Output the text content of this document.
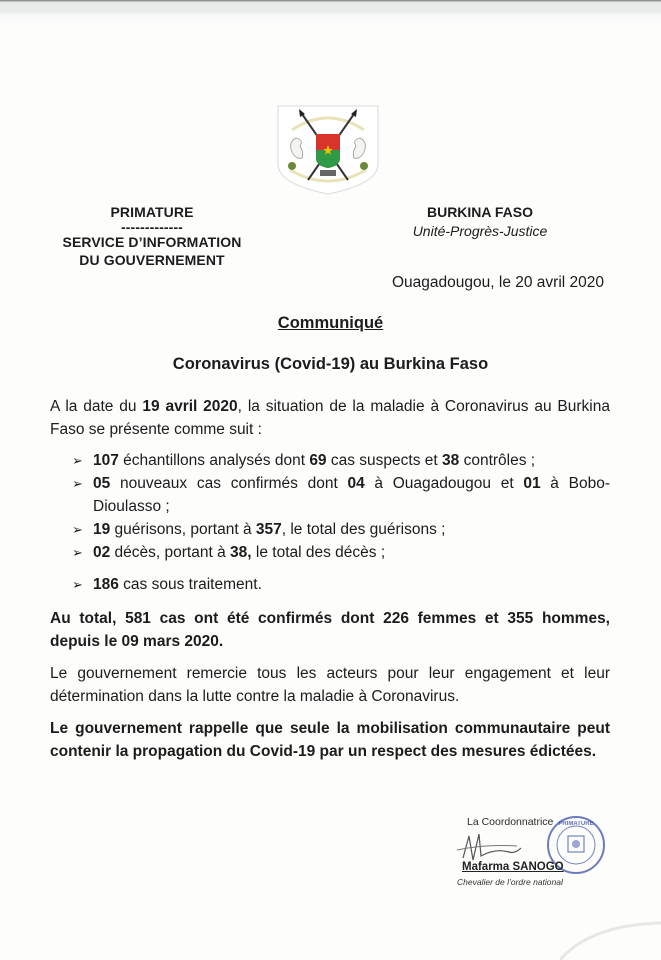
PRIMATURE

-------------
SERVICE D’INFORMATION
DU GOUVERNEMENT
BURKINA FASO
Unité-Progrès-Justice
Ouagadougou, le 20 avril 2020
Communiqué
Coronavirus (Covid-19) au Burkina Faso

A la date du 19 avril 2020, la situation de la maladie à Coronavirus au Burkina Faso se présente comme suit :

➢ 107 échantillons analysés dont 69 cas suspects et 38 contrôles ;
➢ 05 nouveaux cas confirmés dont 04 à Ouagadougou et 01 à Bobo-Dioulasso ;
➢ 19 guérisons, portant à 357, le total des guérisons ;
➢ 02 décès, portant à 38, le total des décès ;
➢ 186 cas sous traitement.

Au total, 581 cas ont été confirmés dont 226 femmes et 355 hommes, depuis le 09 mars 2020.

Le gouvernement remercie tous les acteurs pour leur engagement et leur détermination dans la lutte contre la maladie à Coronavirus.

Le gouvernement rappelle que seule la mobilisation communautaire peut contenir la propagation du Covid-19 par un respect des mesures édictées.

La Coordonnatrice PRIMATURE
Mafarma SANOGO
Chevalier de l’ordre national
